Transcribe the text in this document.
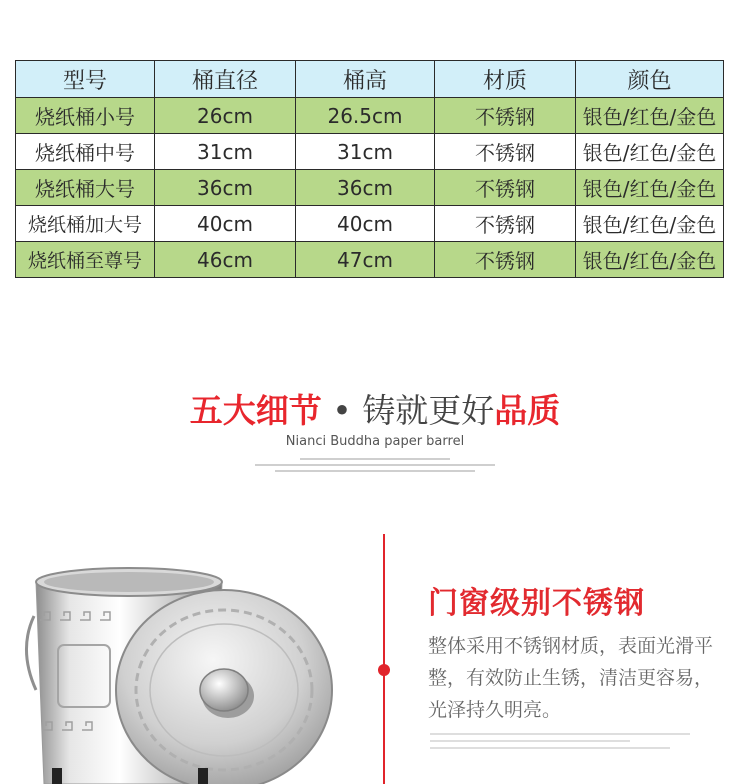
型号	桶直径	桶高	材质	颜色
烧纸桶小号	26cm	26.5cm	不锈钢	银色/红色/金色
烧纸桶中号	31cm	31cm	不锈钢	银色/红色/金色
烧纸桶大号	36cm	36cm	不锈钢	银色/红色/金色
烧纸桶加大号	40cm	40cm	不锈钢	银色/红色/金色
烧纸桶至尊号	46cm	47cm	不锈钢	银色/红色/金色
五大细节 • 铸就更好品质
Nianci Buddha paper barrel
门窗级别不锈钢
整体采用不锈钢材质，表面光滑平整，有效防止生锈，清洁更容易，光泽持久明亮。
